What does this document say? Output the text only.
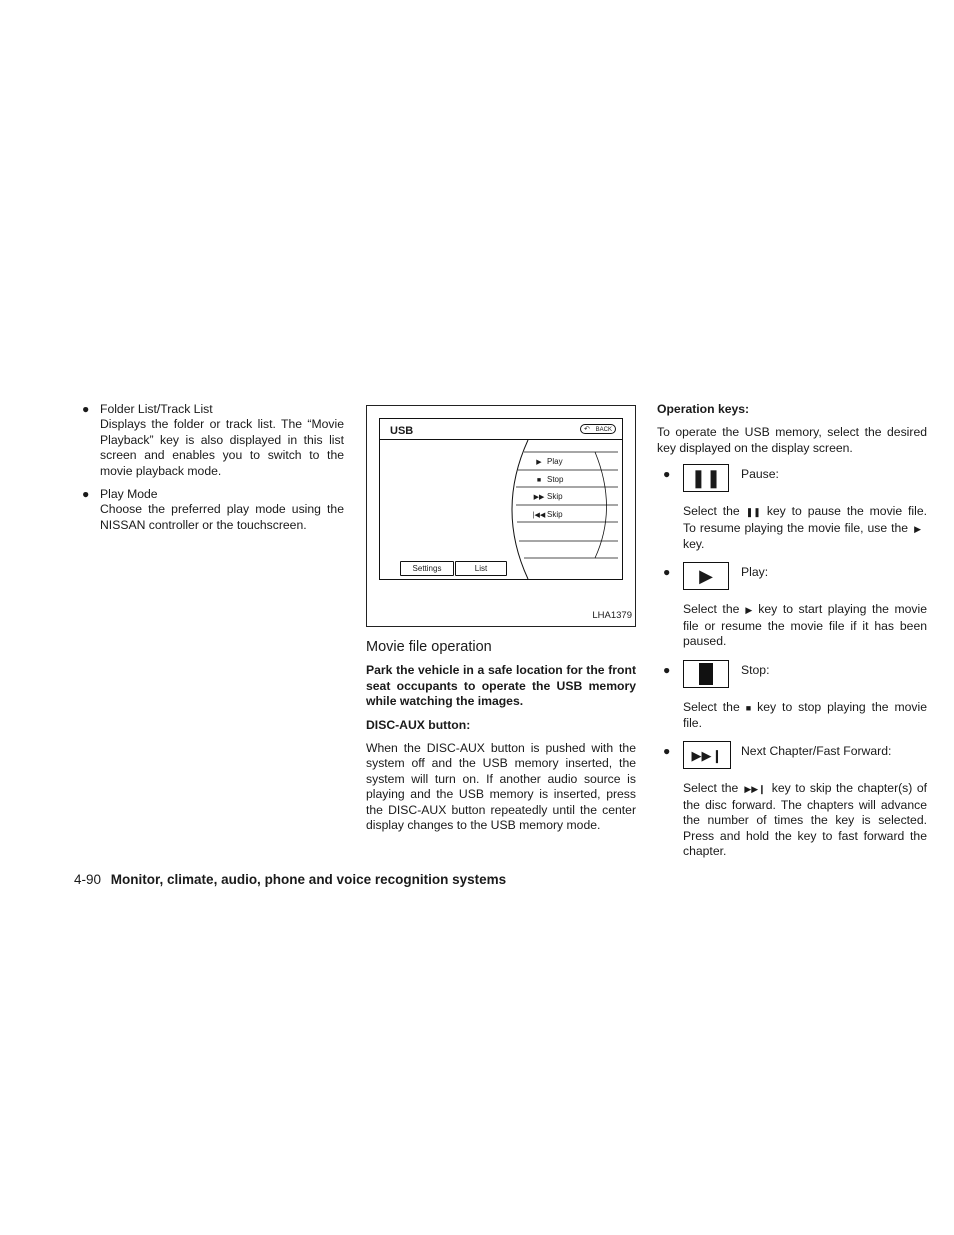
● Folder List/Track List
Displays the folder or track list. The “Movie Playback” key is also displayed in this list screen and enables you to switch to the movie playback mode.
● Play Mode
Choose the preferred play mode using the NISSAN controller or the touchscreen.
USB	↶ BACK
▶ Play
■ Stop
▶▶ Skip
|◀◀ Skip
Settings	List
LHA1379
Movie file operation

Park the vehicle in a safe location for the front seat occupants to operate the USB memory while watching the images.

DISC-AUX button:

When the DISC-AUX button is pushed with the system off and the USB memory inserted, the system will turn on. If another audio source is playing and the USB memory is inserted, press the DISC-AUX button repeatedly until the center display changes to the USB memory mode.

Operation keys:

To operate the USB memory, select the desired key displayed on the display screen.

● ❚❚ Pause:
Select the ❚❚ key to pause the movie file. To resume playing the movie file, use the ▶key.
● ▶ Play:
Select the ▶ key to start playing the movie file or resume the movie file if it has been paused.
●	Stop:
Select the ■ key to stop playing the movie file.
● ▶▶❙ Next Chapter/Fast Forward:
Select the ▶▶❙ key to skip the chapter(s) of the disc forward. The chapters will advance the number of times the key is selected. Press and hold the key to fast forward the chapter.
4-90 Monitor, climate, audio, phone and voice recognition systems
